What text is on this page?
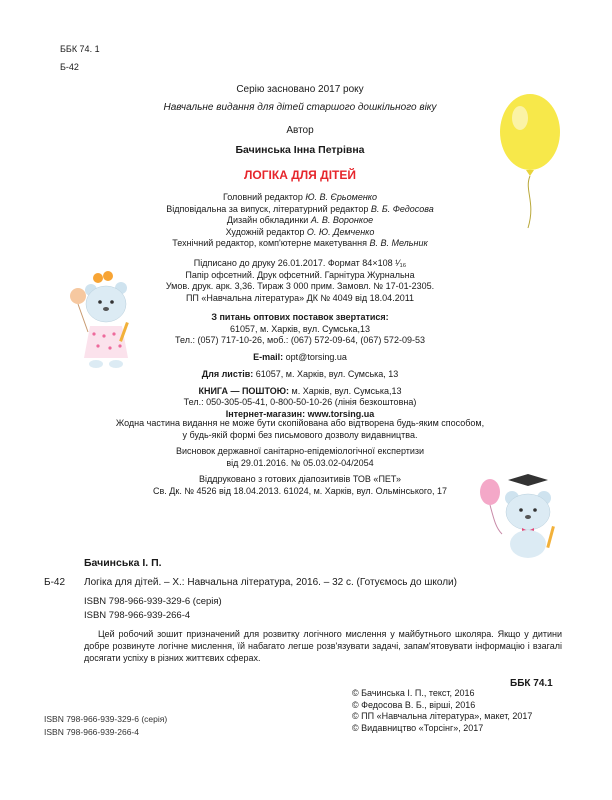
ББК 74. 1
Б-42
Серію засновано 2017 року
Навчальне видання для дітей старшого дошкільного віку
Автор
Бачинська Інна Петрівна
ЛОГІКА ДЛЯ ДІТЕЙ
Головний редактор Ю. В. Єрьоменко
Відповідальна за випуск, літературний редактор В. Б. Федосова
Дизайн обкладинки А. В. Воронкое
Художній редактор О. Ю. Демченко
Технічний редактор, комп'ютерне макетування В. В. Мельник
Підписано до друку 26.01.2017. Формат 84×108 ¹⁄₁₆
Папір офсетний. Друк офсетний. Гарнітура Журнальна
Умов. друк. арк. 3,36. Тираж 3 000 прим. Замовл. № 17-01-2305.
ПП «Навчальна література» ДК № 4049 від 18.04.2011
З питань оптових поставок звертатися:
61057, м. Харків, вул. Сумська,13
Тел.: (057) 717-10-26, моб.: (067) 572-09-64, (067) 572-09-53
E-mail: opt@torsing.ua
Для листів: 61057, м. Харків, вул. Сумська, 13
КНИГА — ПОШТОЮ: м. Харків, вул. Сумська,13
Тел.: 050-305-05-41, 0-800-50-10-26 (лінія безкоштовна)
Інтернет-магазин: www.torsing.ua
Жодна частина видання не може бути скопійована або відтворена будь-яким способом,
у будь-якій формі без письмового дозволу видавництва.
Висновок державної санітарно-епідеміологічної експертизи
від 29.01.2016. № 05.03.02-04/2054
Віддруковано з готових діапозитивів ТОВ «ПЕТ»
Св. Дк. № 4526 від 18.04.2013. 61024, м. Харків, вул. Ольмінського, 17
Бачинська І. П.
Б-42 Логіка для дітей. – Х.: Навчальна література, 2016. – 32 с. (Готуємось до школи)
ISBN 798-966-939-329-6 (серія)
ISBN 798-966-939-266-4
Цей робочий зошит призначений для розвитку логічного мислення у майбутнього школяра. Якщо у дитини добре розвинуте логічне мислення, їй набагато легше розв'язувати задачі, запам'ятовувати інформацію і взагалі досягати успіху в різних життєвих сферах.
ББК 74.1
ISBN 798-966-939-329-6 (серія)
ISBN 798-966-939-266-4
© Бачинська І. П., текст, 2016
© Федосова В. Б., вірші, 2016
© ПП «Навчальна література», макет, 2017
© Видавництво «Торсінг», 2017
